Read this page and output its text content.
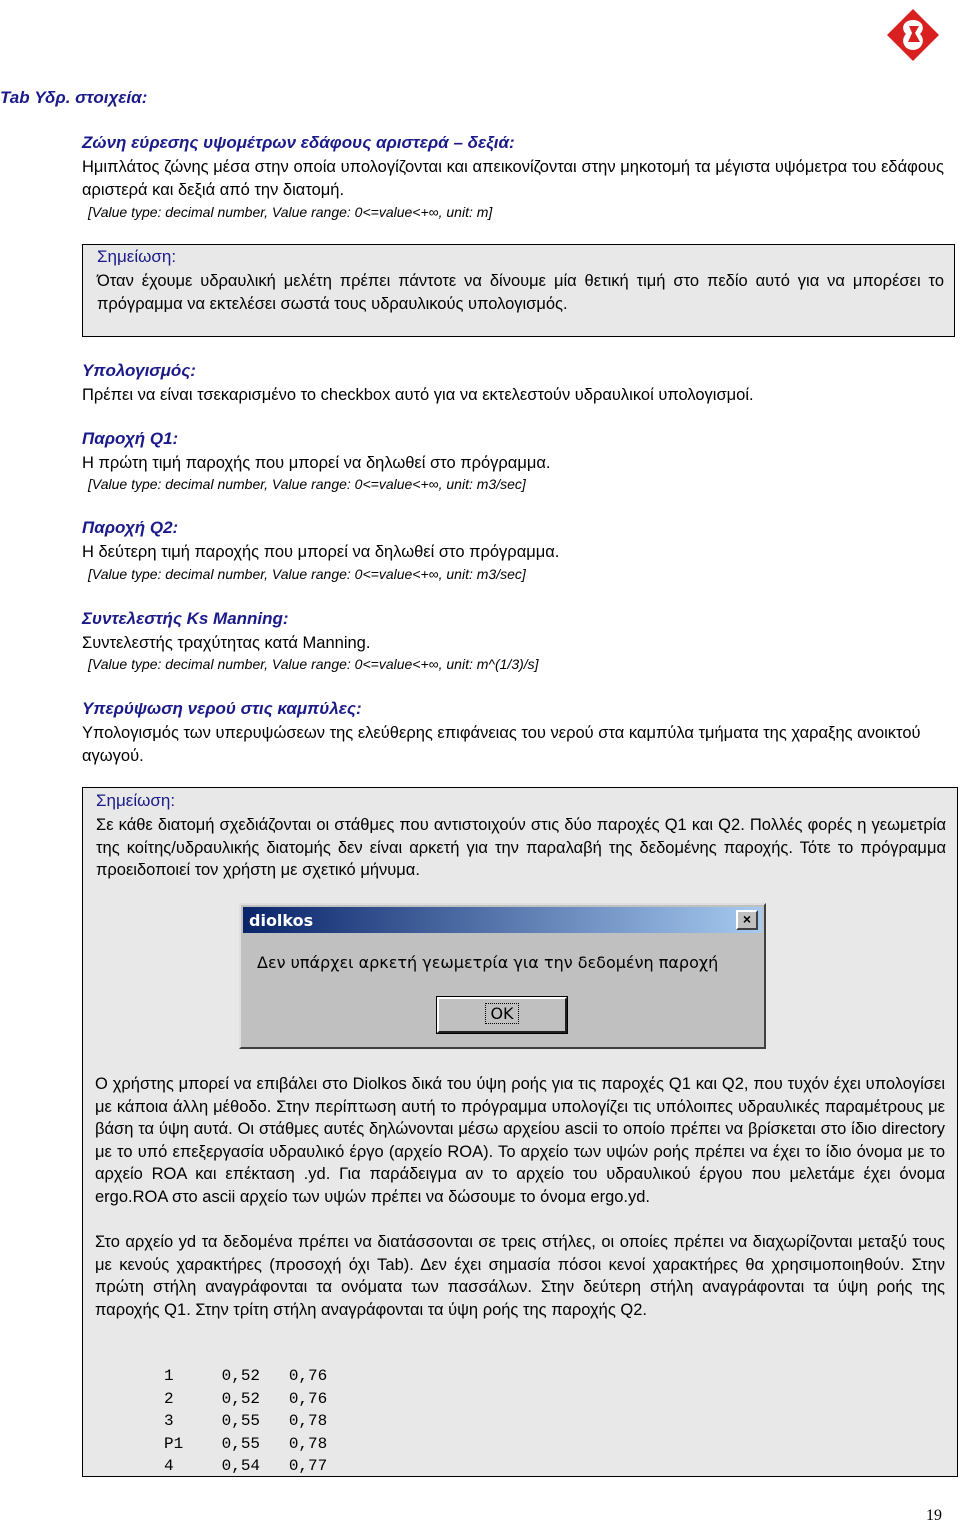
Tab Υδρ. στοιχεία:
Ζώνη εύρεσης υψομέτρων εδάφους αριστερά – δεξιά:
Ημιπλάτος ζώνης μέσα στην οποία υπολογίζονται και απεικονίζονται στην μηκοτομή τα μέγιστα υψόμετρα του εδάφους αριστερά και δεξιά από την διατομή.
[Value type: decimal number, Value range: 0<=value<+∞, unit: m]
Σημείωση:
Όταν έχουμε υδραυλική μελέτη πρέπει πάντοτε να δίνουμε μία θετική τιμή στο πεδίο αυτό για να μπορέσει το πρόγραμμα να εκτελέσει σωστά τους υδραυλικούς υπολογισμός.
Υπολογισμός:
Πρέπει να είναι τσεκαρισμένο το checkbox αυτό για να εκτελεστούν υδραυλικοί υπολογισμοί.
Παροχή Q1:
Η πρώτη τιμή παροχής που μπορεί να δηλωθεί στο πρόγραμμα.
[Value type: decimal number, Value range: 0<=value<+∞, unit: m3/sec]
Παροχή Q2:
Η δεύτερη τιμή παροχής που μπορεί να δηλωθεί στο πρόγραμμα.
[Value type: decimal number, Value range: 0<=value<+∞, unit: m3/sec]
Συντελεστής Ks Manning:
Συντελεστής τραχύτητας κατά Manning.
[Value type: decimal number, Value range: 0<=value<+∞, unit: m^(1/3)/s]
Υπερύψωση νερού στις καμπύλες:
Υπολογισμός των υπερυψώσεων της ελεύθερης επιφάνειας του νερού στα καμπύλα τμήματα της χαραξης ανοικτού αγωγού.
Σημείωση:
Σε κάθε διατομή σχεδιάζονται οι στάθμες που αντιστοιχούν στις δύο παροχές Q1 και Q2. Πολλές φορές η γεωμετρία της κοίτης/υδραυλικής διατομής δεν είναι αρκετή για την παραλαβή της δεδομένης παροχής. Τότε το πρόγραμμα προειδοποιεί τον χρήστη με σχετικό μήνυμα.
diolkos	×
Δεν υπάρχει αρκετή γεωμετρία για την δεδομένη παροχή
OK
Ο χρήστης μπορεί να επιβάλει στο Diolkos δικά του ύψη ροής για τις παροχές Q1 και Q2, που τυχόν έχει υπολογίσει με κάποια άλλη μέθοδο. Στην περίπτωση αυτή το πρόγραμμα υπολογίζει τις υπόλοιπες υδραυλικές παραμέτρους με βάση τα ύψη αυτά. Οι στάθμες αυτές δηλώνονται μέσω αρχείου ascii το οποίο πρέπει να βρίσκεται στο ίδιο directory με το υπό επεξεργασία υδραυλικό έργο (αρχείο ROA). Το αρχείο των υψών ροής πρέπει να έχει το ίδιο όνομα με το αρχείο ROA και επέκταση .yd. Για παράδειγμα αν το αρχείο του υδραυλικού έργου που μελετάμε έχει όνομα ergo.ROA στο ascii αρχείο των υψών πρέπει να δώσουμε το όνομα ergo.yd.
Στο αρχείο yd τα δεδομένα πρέπει να διατάσσονται σε τρεις στήλες, οι οποίες πρέπει να διαχωρίζονται μεταξύ τους με κενούς χαρακτήρες (προσοχή όχι Tab). Δεν έχει σημασία πόσοι κενοί χαρακτήρες θα χρησιμοποιηθούν. Στην πρώτη στήλη αναγράφονται τα ονόματα των πασσάλων. Στην δεύτερη στήλη αναγράφονται τα ύψη ροής της παροχής Q1. Στην τρίτη στήλη αναγράφονται τα ύψη ροής της παροχής Q2.
1     0,52   0,76
2     0,52   0,76
3     0,55   0,78
P1    0,55   0,78
4     0,54   0,77
19
